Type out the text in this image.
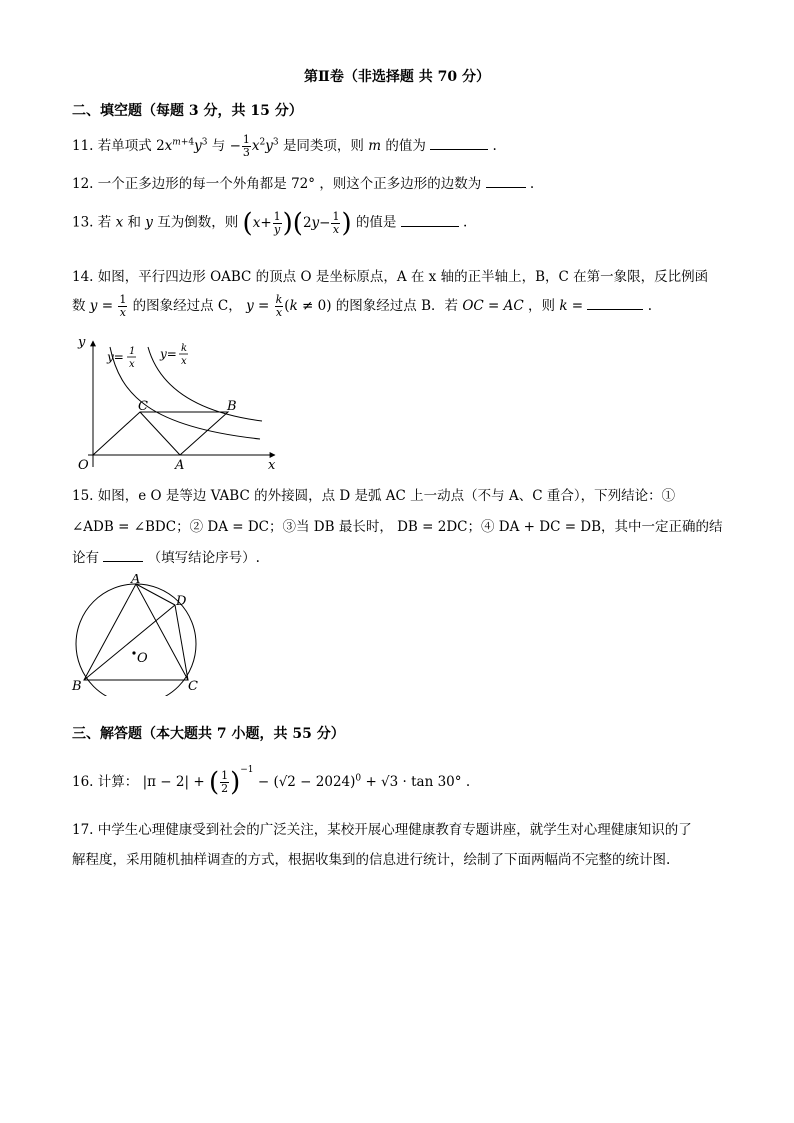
第Ⅱ卷（非选择题 共 70 分）
二、填空题（每题 3 分，共 15 分）
11. 若单项式 $2x^{m+4}y^3$ 与 − $\frac{1}{3} x^2y^3$ 是同类项，则 m 的值为	.
12. 一个正多边形的每一个外角都是 72° ，则这个正多边形的边数为	.
13. 若 x 和 y 互为倒数，则 $(x+ \frac{1}{y} )(2y- \frac{1}{x}$ ) 的值是	.
14. 如图，平行四边形 OABC 的顶点 O 是坐标原点，A 在 x 轴的正半轴上，B，C 在第一象限，反比例函
数 $y = \frac{1}{x}$ 的图象经过点 C， $y = \frac{k}{x} (k \ne 0)$ 的图象经过点 B．若 OC = AC ，则 k =	.
y
x
O	A
B
C
y= 1
x
y= k
x
15. 如图，e O 是等边 VABC 的外接圆，点 D 是弧 AC 上一动点（不与 A、C 重合），下列结论：①
∠ADB = ∠BDC；② DA = DC；③当 DB 最长时， DB = 2DC；④ DA + DC = DB，其中一定正确的结
论有	（填写结论序号）.
A
D
B	C
O
三、解答题（本大题共 7 小题，共 55 分）
16. 计算： |π − 2| + ( $\frac{1}{2} )^{-1} - (√2 - 2024)^0 + √3 \cdot \tan 30^\circ$ .
17. 中学生心理健康受到社会的广泛关注，某校开展心理健康教育专题讲座，就学生对心理健康知识的了
解程度，采用随机抽样调查的方式，根据收集到的信息进行统计，绘制了下面两幅尚不完整的统计图.
